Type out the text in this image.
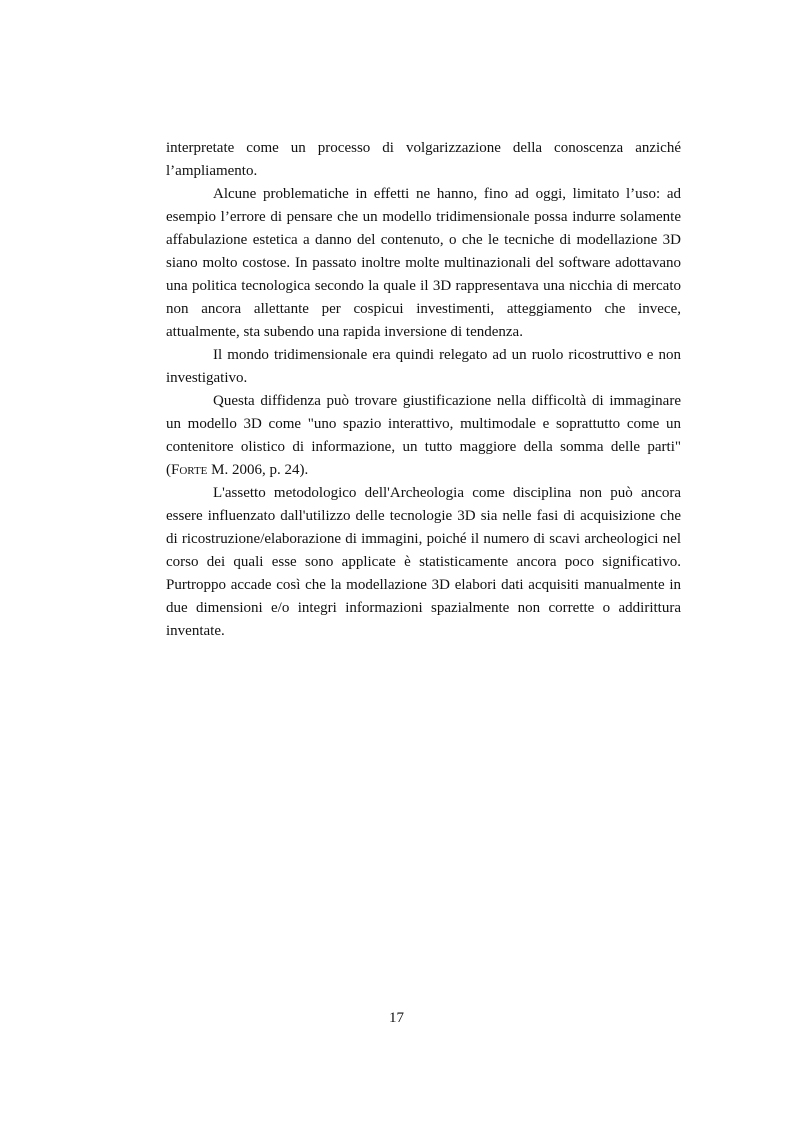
interpretate come un processo di volgarizzazione della conoscenza anziché l’ampliamento.

Alcune problematiche in effetti ne hanno, fino ad oggi, limitato l’uso: ad esempio l’errore di pensare che un modello tridimensionale possa indurre solamente affabulazione estetica a danno del contenuto, o che le tecniche di modellazione 3D siano molto costose. In passato inoltre molte multinazionali del software adottavano una politica tecnologica secondo la quale il 3D rappresentava una nicchia di mercato non ancora allettante per cospicui investimenti, atteggiamento che invece, attualmente, sta subendo una rapida inversione di tendenza.

Il mondo tridimensionale era quindi relegato ad un ruolo ricostruttivo e non investigativo.

Questa diffidenza può trovare giustificazione nella difficoltà di immaginare un modello 3D come "uno spazio interattivo, multimodale e soprattutto come un contenitore olistico di informazione, un tutto maggiore della somma delle parti" (Forte M. 2006, p. 24).

L'assetto metodologico dell'Archeologia come disciplina non può ancora essere influenzato dall'utilizzo delle tecnologie 3D sia nelle fasi di acquisizione che di ricostruzione/elaborazione di immagini, poiché il numero di scavi archeologici nel corso dei quali esse sono applicate è statisticamente ancora poco significativo. Purtroppo accade così che la modellazione 3D elabori dati acquisiti manualmente in due dimensioni e/o integri informazioni spazialmente non corrette o addirittura inventate.

17
